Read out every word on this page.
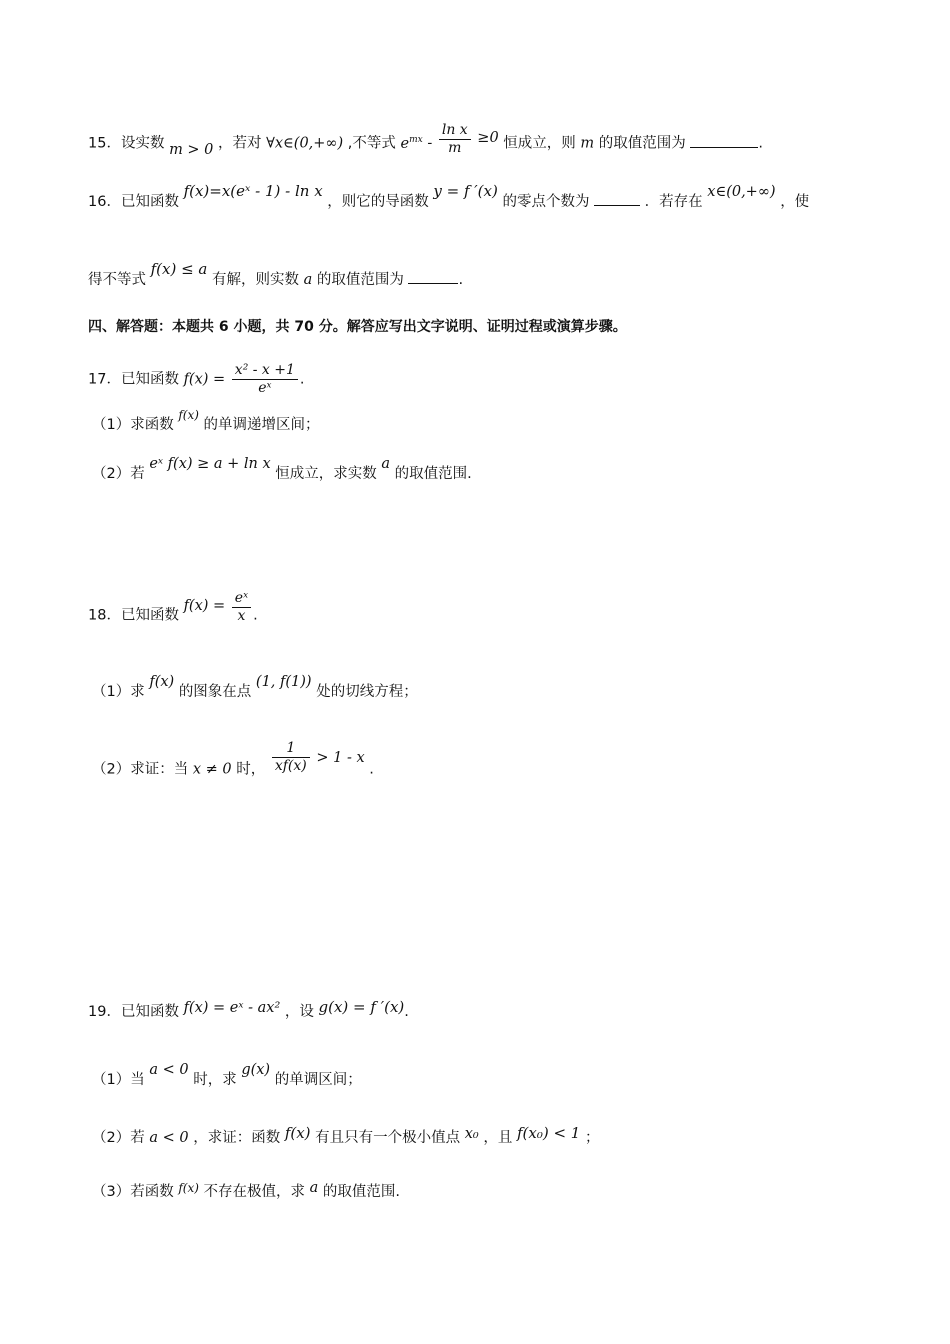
15．设实数 m > 0 ，若对 ∀x∈(0,+∞) ,不等式 $e^{mx} - \frac{\text{ln x}}{m} \ge 0$ 恒成立，则 m 的取值范围为	.
16．已知函数 f(x)=x(eˣ - 1) - ln x ，则它的导函数 y = f ′(x) 的零点个数为	．若存在 x∈(0,+∞) ，使
得不等式 f(x) ≤ a 有解，则实数 a 的取值范围为	.
四、解答题：本题共 6 小题，共 70 分。解答应写出文字说明、证明过程或演算步骤。
17．已知函数 $f(x) = \frac{\text{x² - x +1}}{\text{eˣ}}$ .
（1）求函数 $^{f(x)}$ 的单调递增区间；
（2）若 eˣ f(x) ≥ a + ln x 恒成立，求实数 a 的取值范围.
18．已知函数 $f(x) = \frac{\text{eˣ}}{x}$ .
（1）求 f(x) 的图象在点 (1, f(1)) 处的切线方程；
（2）求证：当 x ≠ 0 时， $\frac{1}{xf(x)} > 1 - x$ .
19．已知函数 f(x) = eˣ - ax² ，设 g(x) = f ′(x).
（1）当 a < 0 时，求 g(x) 的单调区间；
（2）若 a < 0 ，求证：函数 f(x) 有且只有一个极小值点 x₀ ，且 f(x₀) < 1 ；
（3）若函数 $^{f(x)}$ 不存在极值，求 a 的取值范围.
